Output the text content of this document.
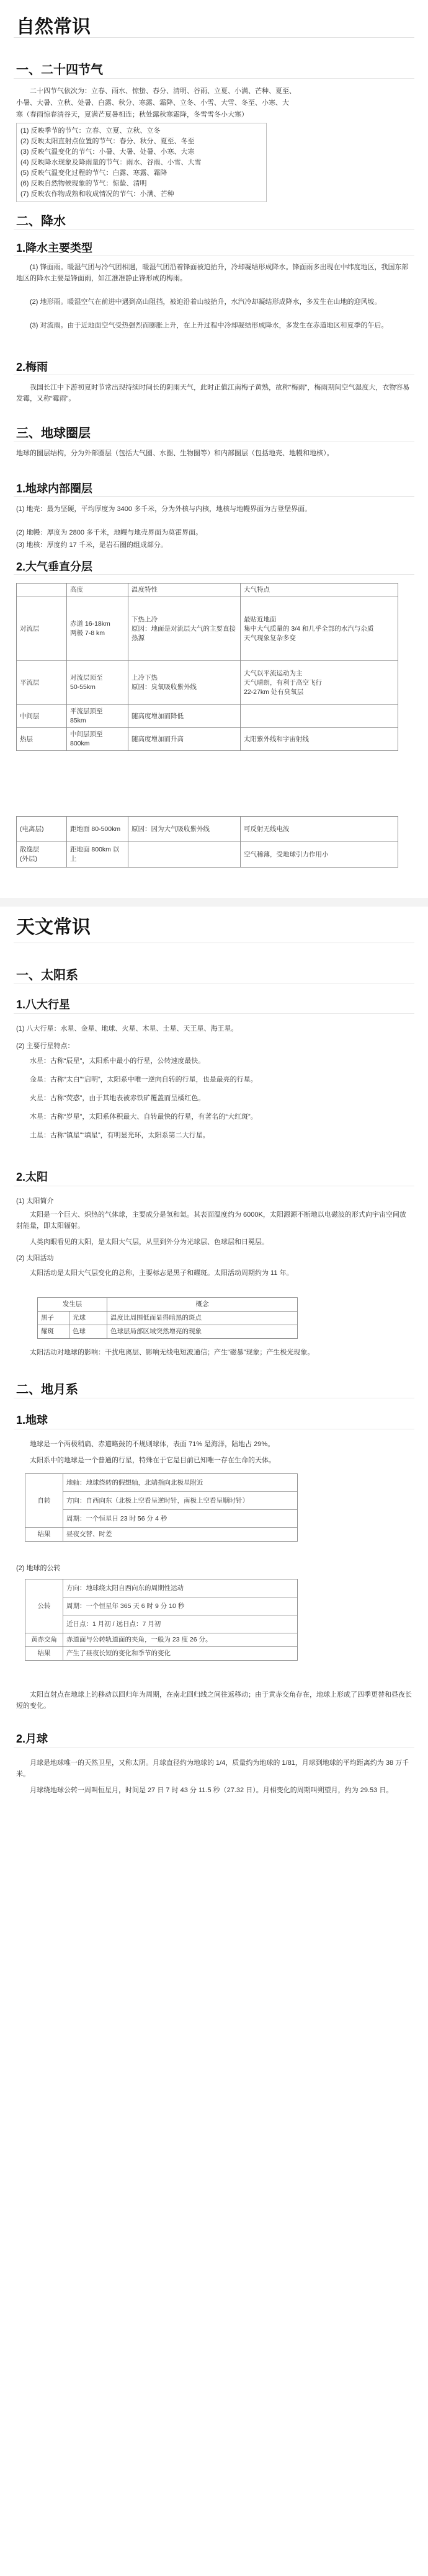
自然常识
一、二十四节气

二十四节气依次为：立春、雨水、惊蛰、春分、清明、谷雨、立夏、小满、芒种、夏至、

小暑、大暑、立秋、处暑、白露、秋分、寒露、霜降、立冬、小雪、大雪、冬至、小寒、大

寒（春雨惊春清谷天，夏满芒夏暑相连；秋处露秋寒霜降，冬雪雪冬小大寒）

(1) 反映季节的节气：立春、立夏、立秋、立冬
(2) 反映太阳直射点位置的节气：春分、秋分、夏至、冬至
(3) 反映气温变化的节气：小暑、大暑、处暑、小寒、大寒
(4) 反映降水现象及降雨量的节气：雨水、谷雨、小雪、大雪
(5) 反映气温变化过程的节气：白露、寒露、霜降
(6) 反映自然物候现象的节气：惊蛰、清明
(7) 反映农作物成熟和收成情况的节气：小满、芒种
二、降水
1.降水主要类型

(1) 锋面雨。暖湿气团与冷气团相遇，暖湿气团沿着锋面被迫抬升，冷却凝结形成降水。锋面雨多出现在中纬度地区，我国东部地区的降水主要是锋面雨，如江淮准静止锋形成的梅雨。

(2) 地形雨。暖湿空气在前进中遇到高山阻挡，被迫沿着山坡抬升，水汽冷却凝结形成降水，多发生在山地的迎风坡。

(3) 对流雨。由于近地面空气受热强烈而膨胀上升，在上升过程中冷却凝结形成降水，多发生在赤道地区和夏季的午后。

2.梅雨

我国长江中下游初夏时节常出现持续时间长的阴雨天气，此时正值江南梅子黄熟，故称“梅雨”，梅雨期间空气湿度大，衣物容易发霉，又称“霉雨”。

三、地球圈层

地球的圈层结构，分为外部圈层（包括大气圈、水圈、生物圈等）和内部圈层（包括地壳、地幔和地核）。

1.地球内部圈层

(1) 地壳：最为坚硬，平均厚度为 3400 多千米，分为外核与内核，地核与地幔界面为古登堡界面。

(2) 地幔：厚度为 2800 多千米，地幔与地壳界面为莫霍界面。

(3) 地核：厚度约 17 千米，是岩石圈的组成部分。

2.大气垂直分层
	高度	温度特性	大气特点
对流层	赤道 16-18km
两极 7-8 km	下热上冷
原因：地面是对流层大气的主要直接热源	最贴近地面
集中大气质量的 3/4 和几乎全部的水汽与杂质
天气现象复杂多变
平流层	对流层顶至
50-55km	上冷下热
原因：臭氧吸收紫外线	大气以平流运动为主
天气晴朗，有利于高空飞行
22-27km 处有臭氧层
中间层	平流层顶至
85km	随高度增加而降低	
热层	中间层顶至
800km	随高度增加而升高	太阳紫外线和宇宙射线
(电离层)	距地面 80-500km	原因：因为大气吸收紫外线	可反射无线电波
散逸层
(外层)	距地面 800km 以上		空气稀薄，受地球引力作用小
天文常识
一、太阳系
1.八大行星

(1) 八大行星：水星、金星、地球、火星、木星、土星、天王星、海王星。

(2) 主要行星特点：

水星：古称“辰星”，太阳系中最小的行星，公转速度最快。

金星：古称“太白”“启明”，太阳系中唯一逆向自转的行星，也是最亮的行星。

火星：古称“荧惑”，由于其地表被赤铁矿覆盖而呈橘红色。

木星：古称“岁星”，太阳系体积最大、自转最快的行星，有著名的“大红斑”。

土星：古称“镇星”“填星”，有明显光环，太阳系第二大行星。

2.太阳

(1) 太阳简介

太阳是一个巨大、炽热的气体球，主要成分是氢和氦。其表面温度约为 6000K，太阳源源不断地以电磁波的形式向宇宙空间放射能量，即太阳辐射。

人类肉眼看见的太阳，是太阳大气层，从里到外分为光球层、色球层和日冕层。

(2) 太阳活动

太阳活动是太阳大气层变化的总称，主要标志是黑子和耀斑。太阳活动周期约为 11 年。

发生层		概念
黑子	光球	温度比周围低而显得暗黑的斑点
耀斑	色球	色球层局部区域突然增亮的现象

太阳活动对地球的影响：干扰电离层、影响无线电短波通信；产生“磁暴”现象；产生极光现象。

二、地月系
1.地球

地球是一个两极稍扁、赤道略鼓的不规则球体，表面 71% 是海洋，陆地占 29%。

太阳系中的地球是一个普通的行星，特殊在于它是目前已知唯一存在生命的天体。

自转	地轴：地球绕转的假想轴，北端指向北极星附近
	方向：自西向东（北极上空看呈逆时针，南极上空看呈顺时针）
	周期：一个恒星日 23 时 56 分 4 秒
结果	昼夜交替、时差

(2) 地球的公转

公转	方向：地球绕太阳自西向东的周期性运动
	周期：一个恒星年 365 天 6 时 9 分 10 秒
	近日点：1 月初 / 远日点：7 月初
黄赤交角	赤道面与公转轨道面的夹角，一般为 23 度 26 分。
结果	产生了昼夜长短的变化和季节的变化

太阳直射点在地球上的移动以回归年为周期，在南北回归线之间往返移动；由于黄赤交角存在，地球上形成了四季更替和昼夜长短的变化。

2.月球

月球是地球唯一的天然卫星，又称太阴。月球直径约为地球的 1/4，质量约为地球的 1/81，月球到地球的平均距离约为 38 万千米。

月球绕地球公转一周叫恒星月，时间是 27 日 7 时 43 分 11.5 秒（27.32 日）。月相变化的周期叫朔望月，约为 29.53 日。
